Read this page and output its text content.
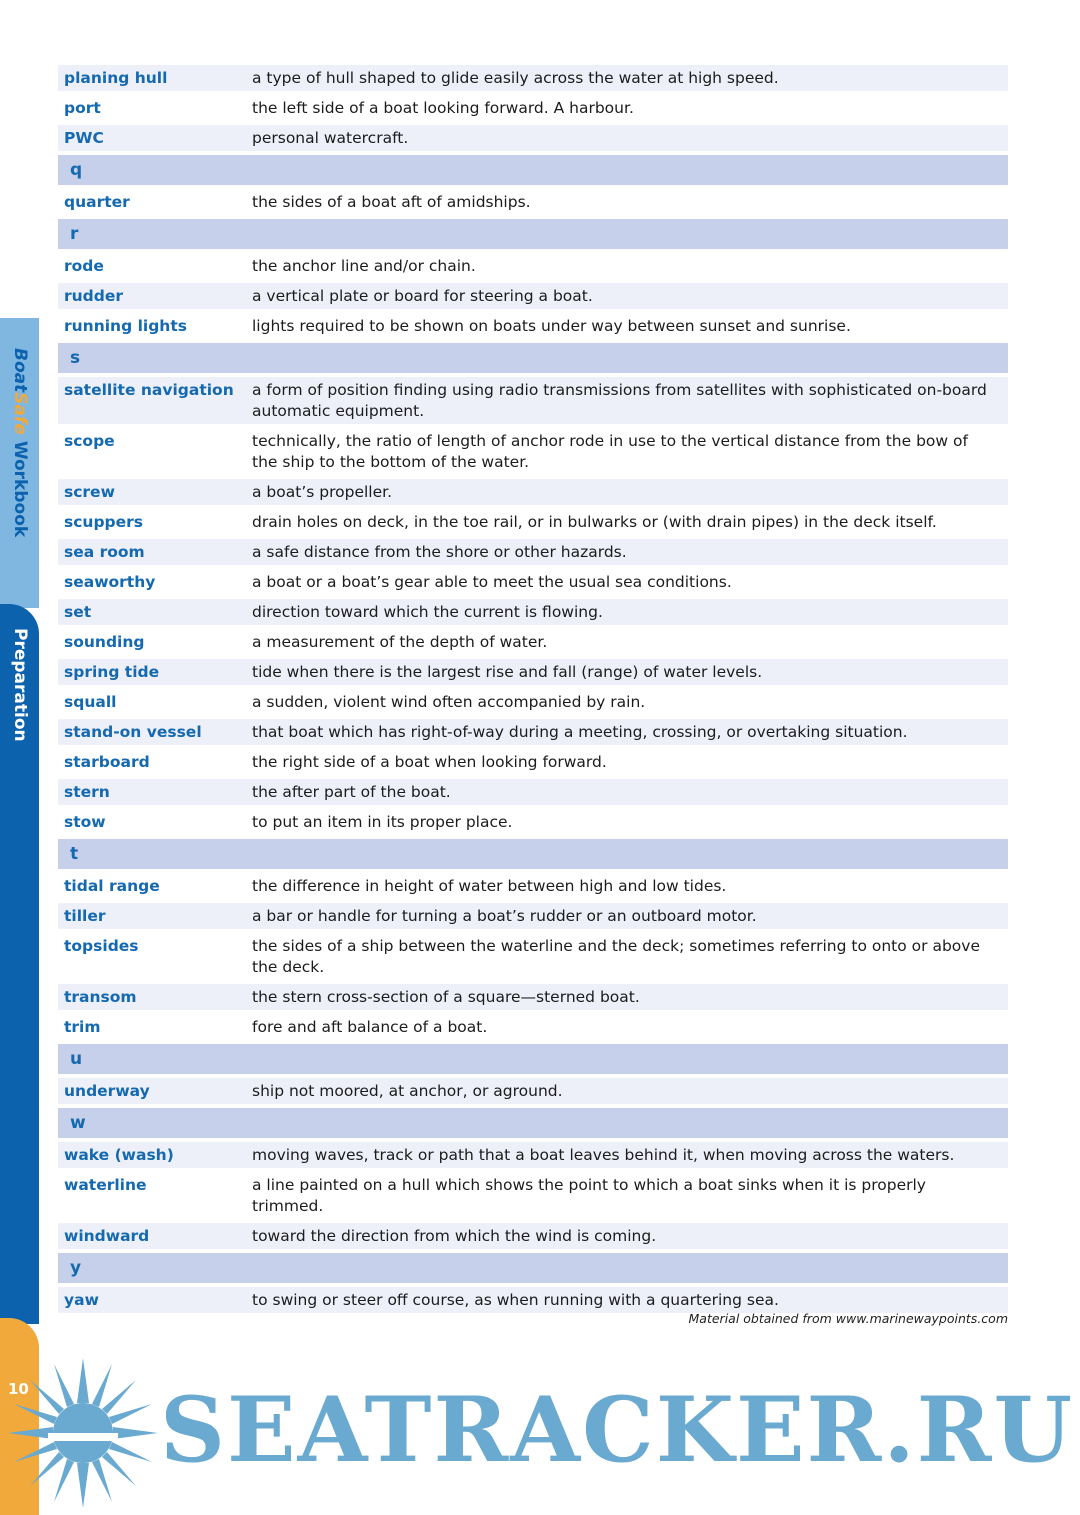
BoatSafe Workbook
Preparation
10
planing hull	a type of hull shaped to glide easily across the water at high speed.
port	the left side of a boat looking forward. A harbour.
PWC	personal watercraft.
q
quarter	the sides of a boat aft of amidships.
r
rode	the anchor line and/or chain.
rudder	a vertical plate or board for steering a boat.
running lights	lights required to be shown on boats under way between sunset and sunrise.
s
satellite navigation	a form of position finding using radio transmissions from satellites with sophisticated on-board automatic equipment.
scope	technically, the ratio of length of anchor rode in use to the vertical distance from the bow of the ship to the bottom of the water.
screw	a boat’s propeller.
scuppers	drain holes on deck, in the toe rail, or in bulwarks or (with drain pipes) in the deck itself.
sea room	a safe distance from the shore or other hazards.
seaworthy	a boat or a boat’s gear able to meet the usual sea conditions.
set	direction toward which the current is flowing.
sounding	a measurement of the depth of water.
spring tide	tide when there is the largest rise and fall (range) of water levels.
squall	a sudden, violent wind often accompanied by rain.
stand-on vessel	that boat which has right-of-way during a meeting, crossing, or overtaking situation.
starboard	the right side of a boat when looking forward.
stern	the after part of the boat.
stow	to put an item in its proper place.
t
tidal range	the difference in height of water between high and low tides.
tiller	a bar or handle for turning a boat’s rudder or an outboard motor.
topsides	the sides of a ship between the waterline and the deck; sometimes referring to onto or above the deck.
transom	the stern cross-section of a square—sterned boat.
trim	fore and aft balance of a boat.
u
underway	ship not moored, at anchor, or aground.
w
wake (wash)	moving waves, track or path that a boat leaves behind it, when moving across the waters.
waterline	a line painted on a hull which shows the point to which a boat sinks when it is properly trimmed.
windward	toward the direction from which the wind is coming.
y
yaw	to swing or steer off course, as when running with a quartering sea.
Material obtained from www.marinewaypoints.com
SEATRACKER.RU
